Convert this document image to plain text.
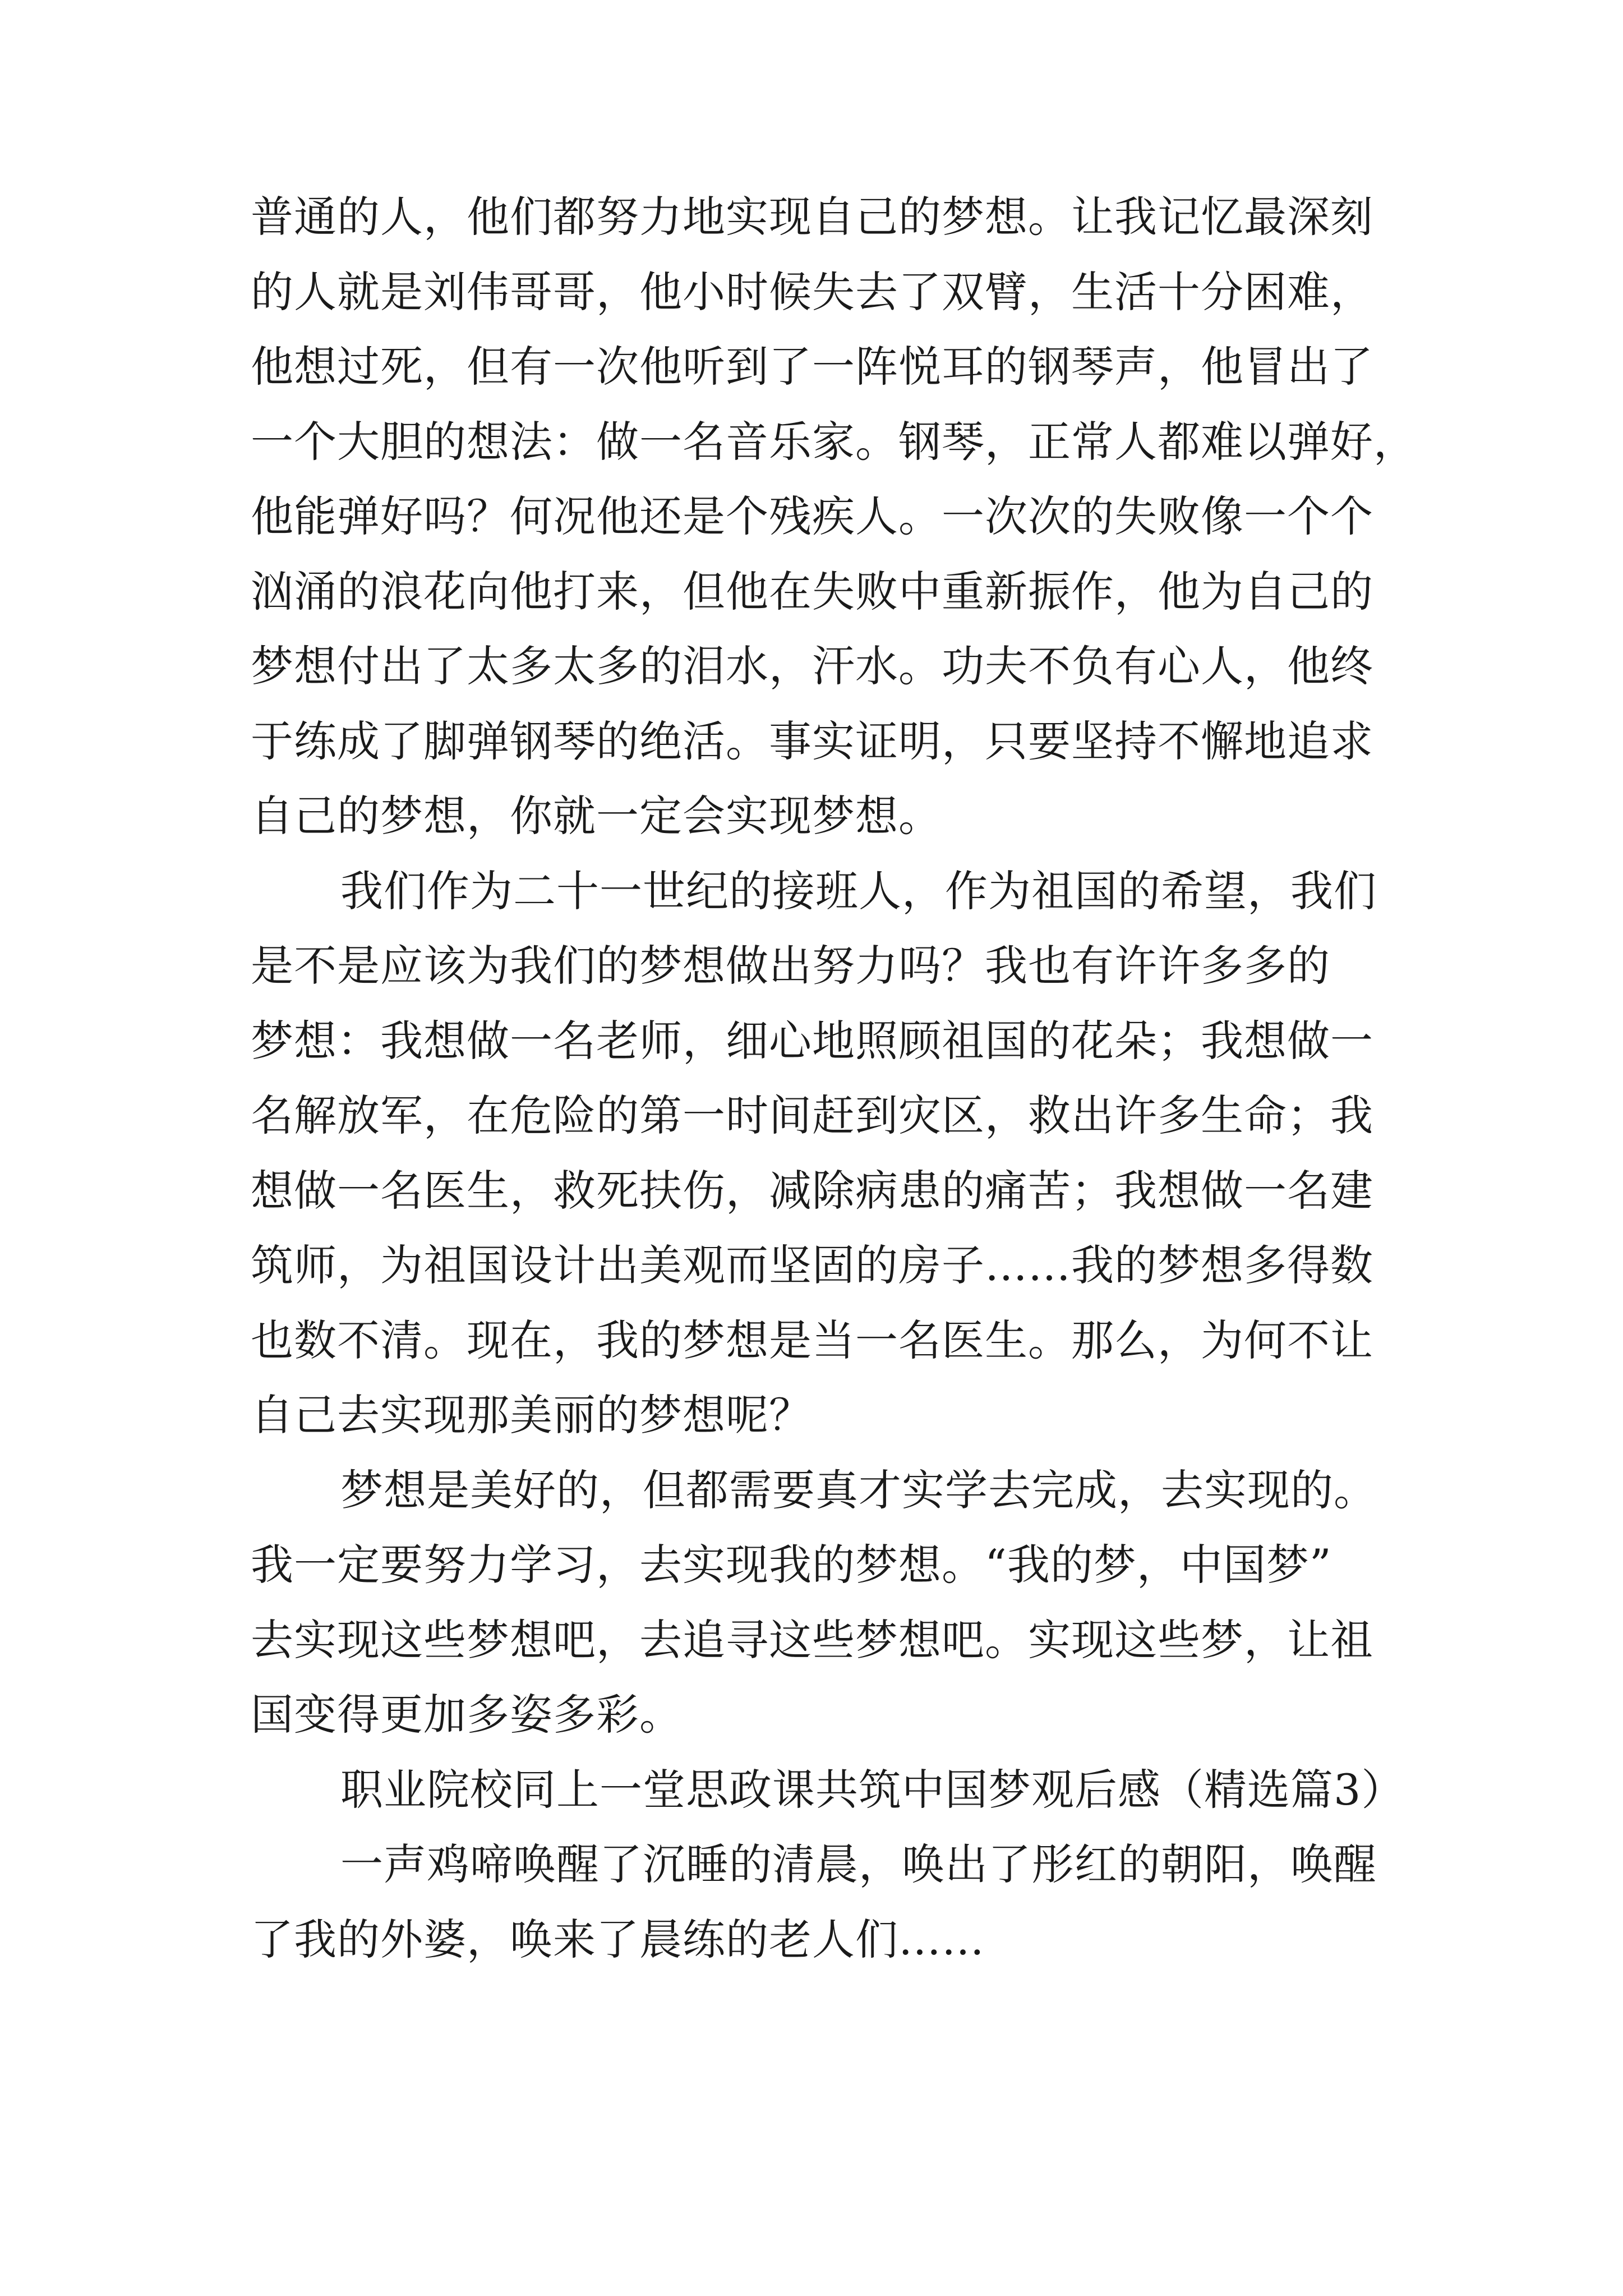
普通的人，他们都努力地实现自己的梦想。让我记忆最深刻
的人就是刘伟哥哥，他小时候失去了双臂，生活十分困难，
他想过死，但有一次他听到了一阵悦耳的钢琴声，他冒出了
一个大胆的想法：做一名音乐家。钢琴，正常人都难以弹好，
他能弹好吗？何况他还是个残疾人。一次次的失败像一个个
汹涌的浪花向他打来，但他在失败中重新振作，他为自己的
梦想付出了太多太多的泪水，汗水。功夫不负有心人，他终
于练成了脚弹钢琴的绝活。事实证明，只要坚持不懈地追求
自己的梦想，你就一定会实现梦想。
我们作为二十一世纪的接班人，作为祖国的希望，我们
是不是应该为我们的梦想做出努力吗？我也有许许多多的
梦想：我想做一名老师，细心地照顾祖国的花朵；我想做一
名解放军，在危险的第一时间赶到灾区，救出许多生命；我
想做一名医生，救死扶伤，减除病患的痛苦；我想做一名建
筑师，为祖国设计出美观而坚固的房子……我的梦想多得数
也数不清。现在，我的梦想是当一名医生。那么，为何不让
自己去实现那美丽的梦想呢？
梦想是美好的，但都需要真才实学去完成，去实现的。
我一定要努力学习，去实现我的梦想。“我的梦，中国梦”
去实现这些梦想吧，去追寻这些梦想吧。实现这些梦，让祖
国变得更加多姿多彩。
职业院校同上一堂思政课共筑中国梦观后感（精选篇3）
一声鸡啼唤醒了沉睡的清晨，唤出了彤红的朝阳，唤醒
了我的外婆，唤来了晨练的老人们……
